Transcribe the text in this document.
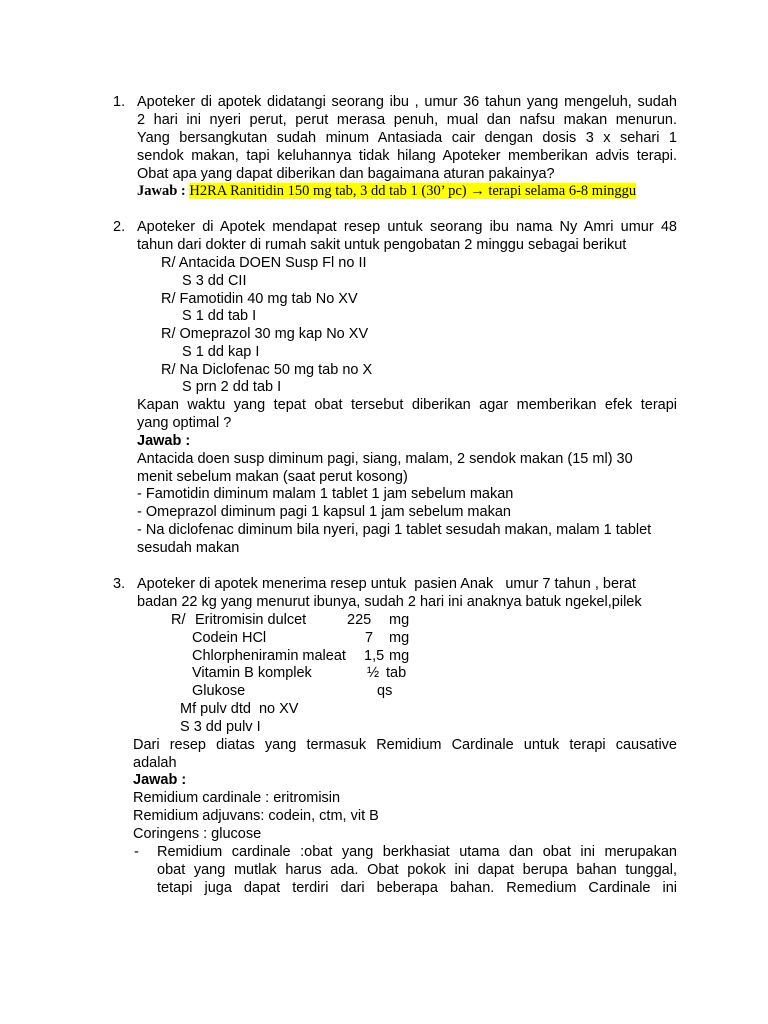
1. Apoteker di apotek didatangi seorang ibu , umur 36 tahun yang mengeluh, sudah
2 hari ini nyeri perut, perut merasa penuh, mual dan nafsu makan menurun.
Yang bersangkutan sudah minum Antasiada cair dengan dosis 3 x sehari 1
sendok makan, tapi keluhannya tidak hilang Apoteker memberikan advis terapi.
Obat apa yang dapat diberikan dan bagaimana aturan pakainya?
Jawab : H2RA Ranitidin 150 mg tab, 3 dd tab 1 (30’ pc) → terapi selama 6-8 minggu
2. Apoteker di Apotek mendapat resep untuk seorang ibu nama Ny Amri umur 48
tahun dari dokter di rumah sakit untuk pengobatan 2 minggu sebagai berikut
R/ Antacida DOEN Susp Fl no II
S 3 dd CII
R/ Famotidin 40 mg tab No XV
S 1 dd tab I
R/ Omeprazol 30 mg kap No XV
S 1 dd kap I
R/ Na Diclofenac 50 mg tab no X
S prn 2 dd tab I
Kapan waktu yang tepat obat tersebut diberikan agar memberikan efek terapi
yang optimal ?
Jawab :
Antacida doen susp diminum pagi, siang, malam, 2 sendok makan (15 ml) 30
menit sebelum makan (saat perut kosong)
- Famotidin diminum malam 1 tablet 1 jam sebelum makan
- Omeprazol diminum pagi 1 kapsul 1 jam sebelum makan
- Na diclofenac diminum bila nyeri, pagi 1 tablet sesudah makan, malam 1 tablet
sesudah makan
3. Apoteker di apotek menerima resep untuk  pasien Anak   umur 7 tahun , berat
badan 22 kg yang menurut ibunya, sudah 2 hari ini anaknya batuk ngekel,pilek
R/ Eritromisin dulcet	225 mg
Codein HCl	7 mg
Chlorpheniramin maleat 1,5 mg
Vitamin B komplek	½ tab
Glukose	qs
Mf pulv dtd  no XV
S 3 dd pulv I
Dari resep diatas yang termasuk Remidium Cardinale untuk terapi causative
adalah
Jawab :
Remidium cardinale : eritromisin
Remidium adjuvans: codein, ctm, vit B
Coringens : glucose
- Remidium cardinale :obat yang berkhasiat utama dan obat ini merupakan
obat yang mutlak harus ada. Obat pokok ini dapat berupa bahan tunggal,
tetapi juga dapat terdiri dari beberapa bahan. Remedium Cardinale ini
